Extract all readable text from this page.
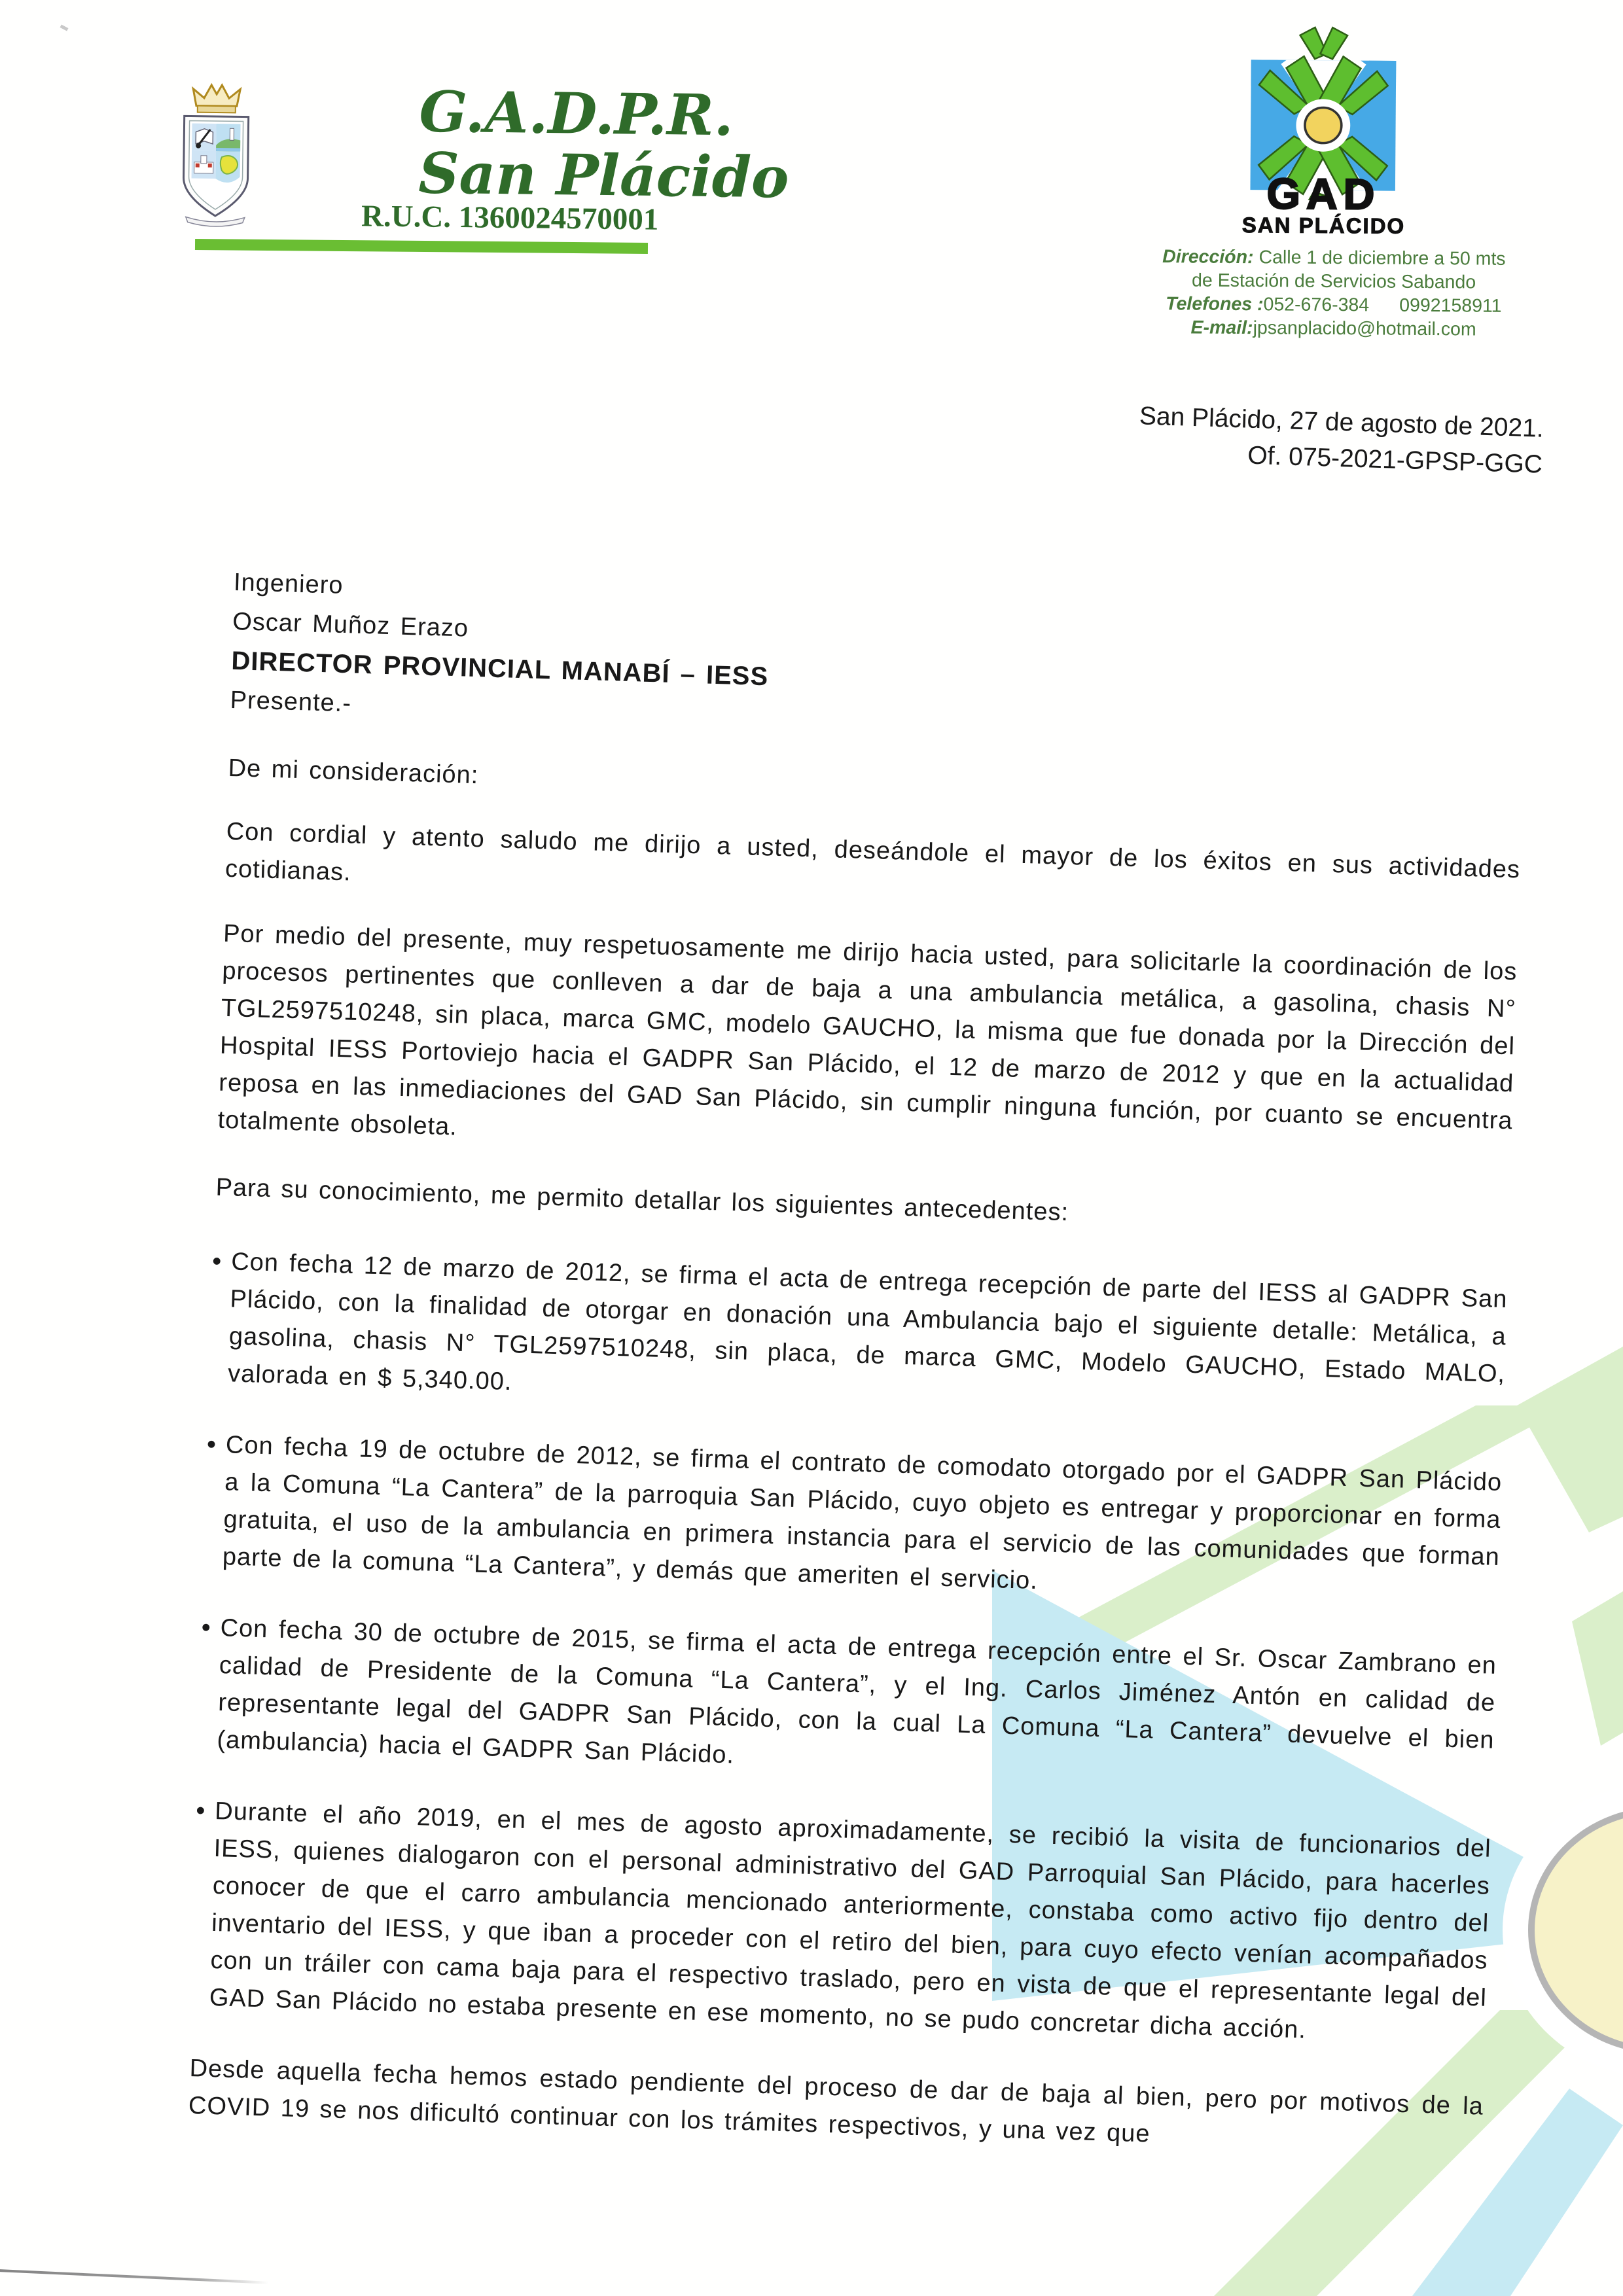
G.A.D.P.R.
San Plácido
R.U.C. 1360024570001	GAD
SAN PLÁCIDO
Dirección: Calle 1 de diciembre a 50 mts
de Estación de Servicios Sabando
Telefones :052-676-384 0992158911
E-mail:jpsanplacido@hotmail.com
San Plácido, 27 de agosto de 2021.
Of. 075-2021-GPSP-GGC
Ingeniero
Oscar Muñoz Erazo
DIRECTOR PROVINCIAL MANABÍ – IESS
Presente.-
De mi consideración:

Con cordial y atento saludo me dirijo a usted, deseándole el mayor de los éxitos en sus actividades cotidianas.

Por medio del presente, muy respetuosamente me dirijo hacia usted, para solicitarle la coordinación de los procesos pertinentes que conlleven a dar de baja a una ambulancia metálica, a gasolina, chasis N° TGL2597510248, sin placa, marca GMC, modelo GAUCHO, la misma que fue donada por la Dirección del Hospital IESS Portoviejo hacia el GADPR San Plácido, el 12 de marzo de 2012 y que en la actualidad reposa en las inmediaciones del GAD San Plácido, sin cumplir ninguna función, por cuanto se encuentra totalmente obsoleta.

Para su conocimiento, me permito detallar los siguientes antecedentes:

• Con fecha 12 de marzo de 2012, se firma el acta de entrega recepción de parte del IESS al GADPR San Plácido, con la finalidad de otorgar en donación una Ambulancia bajo el siguiente detalle: Metálica, a gasolina, chasis N° TGL2597510248, sin placa, de marca GMC, Modelo GAUCHO, Estado MALO, valorada en $ 5,340.00.
• Con fecha 19 de octubre de 2012, se firma el contrato de comodato otorgado por el GADPR San Plácido a la Comuna “La Cantera” de la parroquia San Plácido, cuyo objeto es entregar y proporcionar en forma gratuita, el uso de la ambulancia en primera instancia para el servicio de las comunidades que forman parte de la comuna “La Cantera”, y demás que ameriten el servicio.
• Con fecha 30 de octubre de 2015, se firma el acta de entrega recepción entre el Sr. Oscar Zambrano en calidad de Presidente de la Comuna “La Cantera”, y el Ing. Carlos Jiménez Antón en calidad de representante legal del GADPR San Plácido, con la cual La Comuna “La Cantera” devuelve el bien (ambulancia) hacia el GADPR San Plácido.
• Durante el año 2019, en el mes de agosto aproximadamente, se recibió la visita de funcionarios del IESS, quienes dialogaron con el personal administrativo del GAD Parroquial San Plácido, para hacerles conocer de que el carro ambulancia mencionado anteriormente, constaba como activo fijo dentro del inventario del IESS, y que iban a proceder con el retiro del bien, para cuyo efecto venían acompañados con un tráiler con cama baja para el respectivo traslado, pero en vista de que el representante legal del GAD San Plácido no estaba presente en ese momento, no se pudo concretar dicha acción.

Desde aquella fecha hemos estado pendiente del proceso de dar de baja al bien, pero por motivos de la COVID 19 se nos dificultó continuar con los trámites respectivos, y una vez que
